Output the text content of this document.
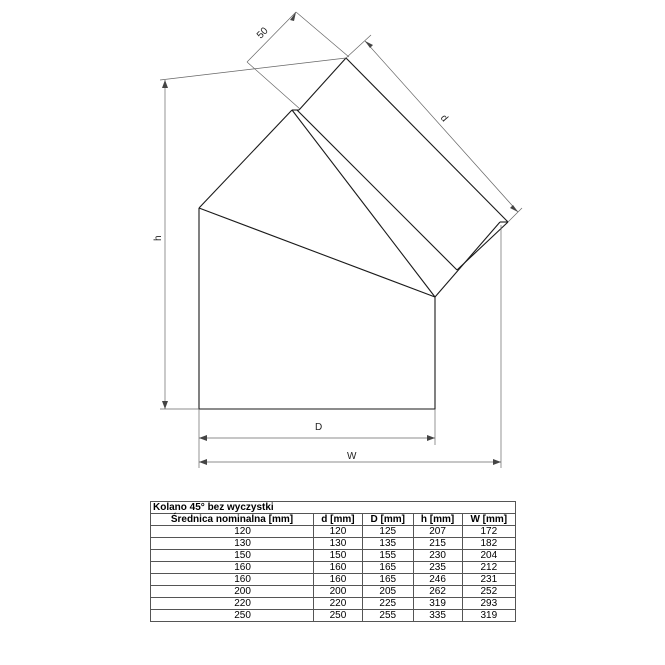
50
d
h
D
W
Kolano 45° bez wyczystki				
Średnica nominalna [mm]	d [mm]	D [mm]	h [mm]	W [mm]
120	120	125	207	172
130	130	135	215	182
150	150	155	230	204
160	160	165	235	212
160	160	165	246	231
200	200	205	262	252
220	220	225	319	293
250	250	255	335	319
